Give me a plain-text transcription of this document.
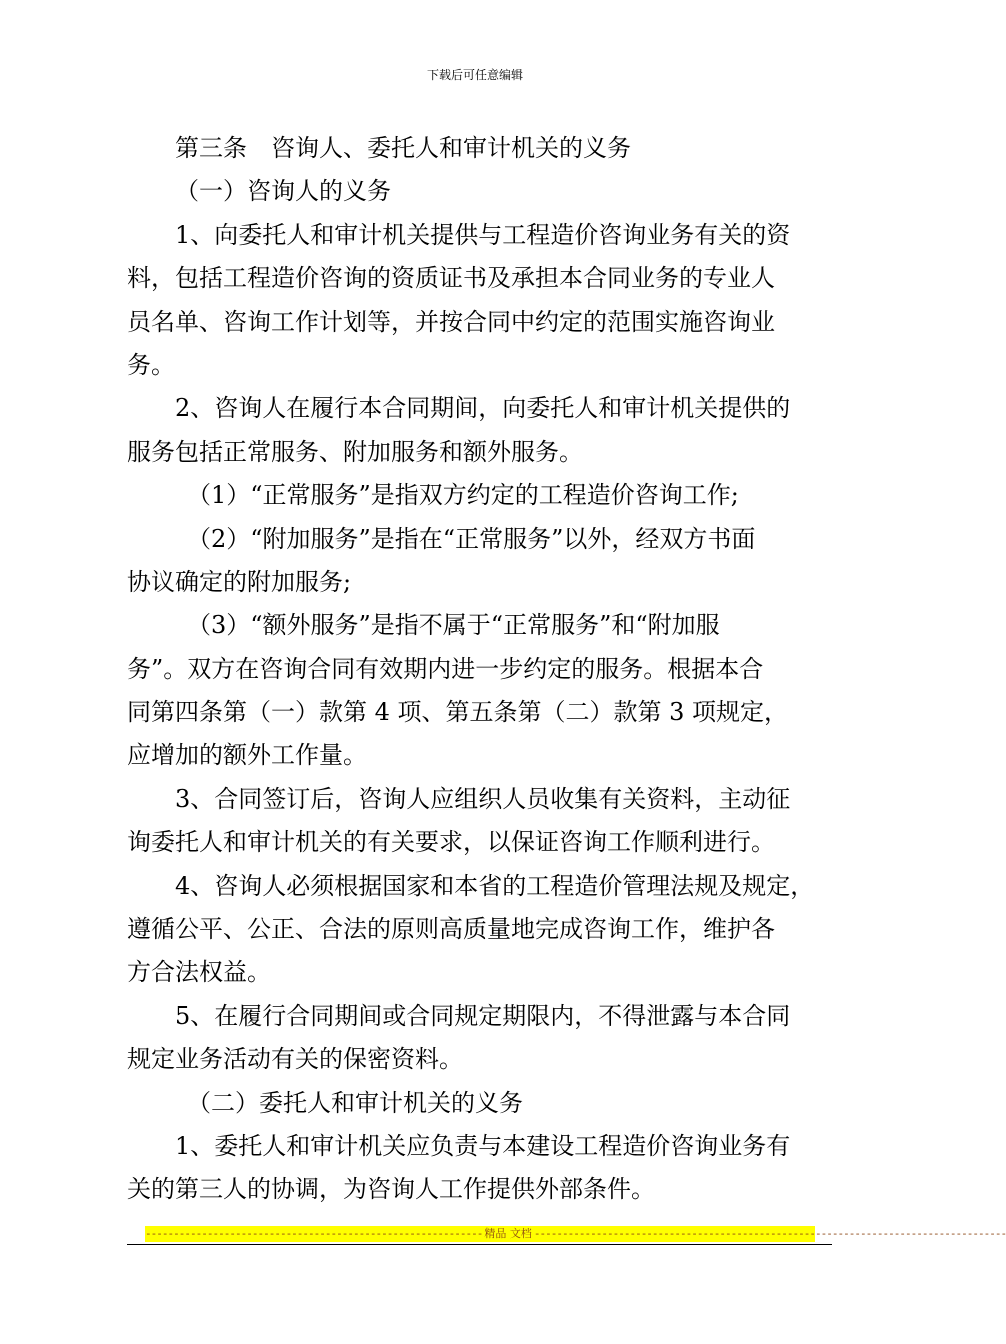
下载后可任意编辑
第三条　咨询人、委托人和审计机关的义务
（一）咨询人的义务
1、向委托人和审计机关提供与工程造价咨询业务有关的资
料，包括工程造价咨询的资质证书及承担本合同业务的专业人
员名单、咨询工作计划等，并按合同中约定的范围实施咨询业
务。
2、咨询人在履行本合同期间，向委托人和审计机关提供的
服务包括正常服务、附加服务和额外服务。
（1）“正常服务”是指双方约定的工程造价咨询工作;
（2）“附加服务”是指在“正常服务”以外，经双方书面
协议确定的附加服务;
（3）“额外服务”是指不属于“正常服务”和“附加服
务”。双方在咨询合同有效期内进一步约定的服务。根据本合
同第四条第（一）款第 4 项、第五条第（二）款第 3 项规定，
应增加的额外工作量。
3、合同签订后，咨询人应组织人员收集有关资料，主动征
询委托人和审计机关的有关要求，以保证咨询工作顺利进行。
4、咨询人必须根据国家和本省的工程造价管理法规及规定，
遵循公平、公正、合法的原则高质量地完成咨询工作，维护各
方合法权益。
5、在履行合同期间或合同规定期限内，不得泄露与本合同
规定业务活动有关的保密资料。
（二）委托人和审计机关的义务
1、委托人和审计机关应负责与本建设工程造价咨询业务有
关的第三人的协调，为咨询人工作提供外部条件。
------------------------------------------------------------ 精品 文档 ------------------------------------------------------------------------------------
